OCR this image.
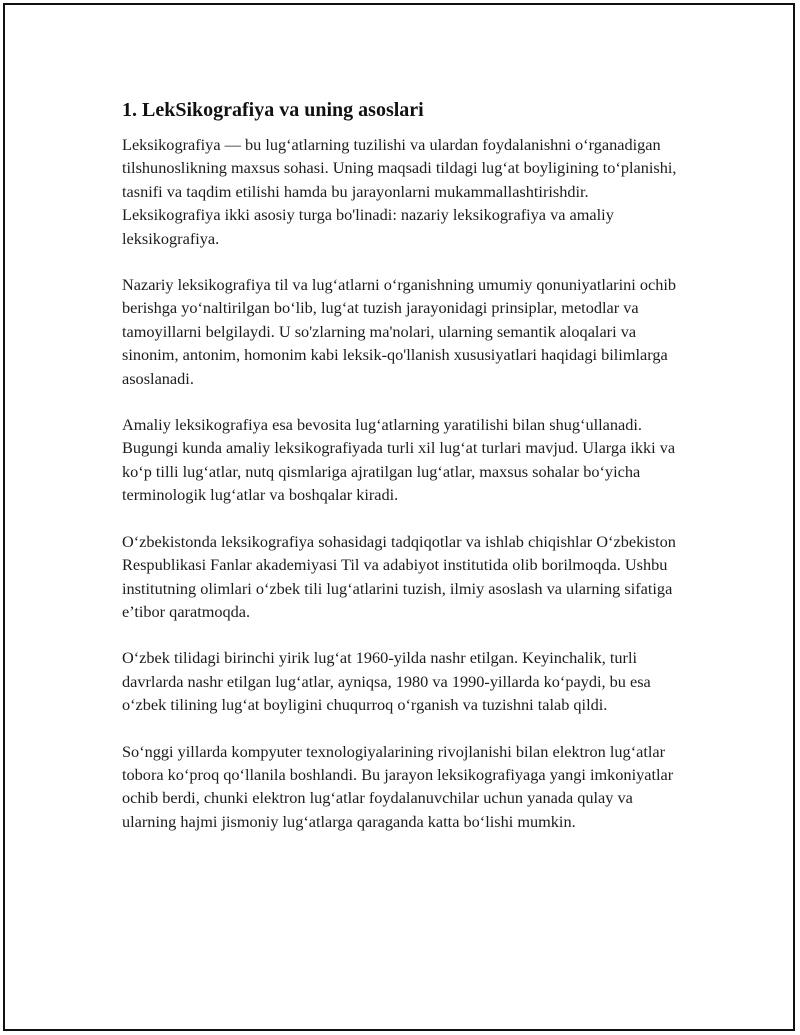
1. LekSikografiya va uning asoslari

Leksikografiya — bu lug‘atlarning tuzilishi va ulardan foydalanishni o‘rganadigan tilshunoslikning maxsus sohasi. Uning maqsadi tildagi lug‘at boyligining to‘planishi, tasnifi va taqdim etilishi hamda bu jarayonlarni mukammallashtirishdir. Leksikografiya ikki asosiy turga bo'linadi: nazariy leksikografiya va amaliy leksikografiya.

Nazariy leksikografiya til va lug‘atlarni o‘rganishning umumiy qonuniyatlarini ochib berishga yo‘naltirilgan bo‘lib, lug‘at tuzish jarayonidagi prinsiplar, metodlar va tamoyillarni belgilaydi. U so'zlarning ma'nolari, ularning semantik aloqalari va sinonim, antonim, homonim kabi leksik-qo'llanish xususiyatlari haqidagi bilimlarga asoslanadi.

Amaliy leksikografiya esa bevosita lug‘atlarning yaratilishi bilan shug‘ullanadi. Bugungi kunda amaliy leksikografiyada turli xil lug‘at turlari mavjud. Ularga ikki va ko‘p tilli lug‘atlar, nutq qismlariga ajratilgan lug‘atlar, maxsus sohalar bo‘yicha terminologik lug‘atlar va boshqalar kiradi.

O‘zbekistonda leksikografiya sohasidagi tadqiqotlar va ishlab chiqishlar O‘zbekiston Respublikasi Fanlar akademiyasi Til va adabiyot institutida olib borilmoqda. Ushbu institutning olimlari o‘zbek tili lug‘atlarini tuzish, ilmiy asoslash va ularning sifatiga e’tibor qaratmoqda.

O‘zbek tilidagi birinchi yirik lug‘at 1960-yilda nashr etilgan. Keyinchalik, turli davrlarda nashr etilgan lug‘atlar, ayniqsa, 1980 va 1990-yillarda ko‘paydi, bu esa o‘zbek tilining lug‘at boyligini chuqurroq o‘rganish va tuzishni talab qildi.

So‘nggi yillarda kompyuter texnologiyalarining rivojlanishi bilan elektron lug‘atlar tobora ko‘proq qo‘llanila boshlandi. Bu jarayon leksikografiyaga yangi imkoniyatlar ochib berdi, chunki elektron lug‘atlar foydalanuvchilar uchun yanada qulay va ularning hajmi jismoniy lug‘atlarga qaraganda katta bo‘lishi mumkin.
